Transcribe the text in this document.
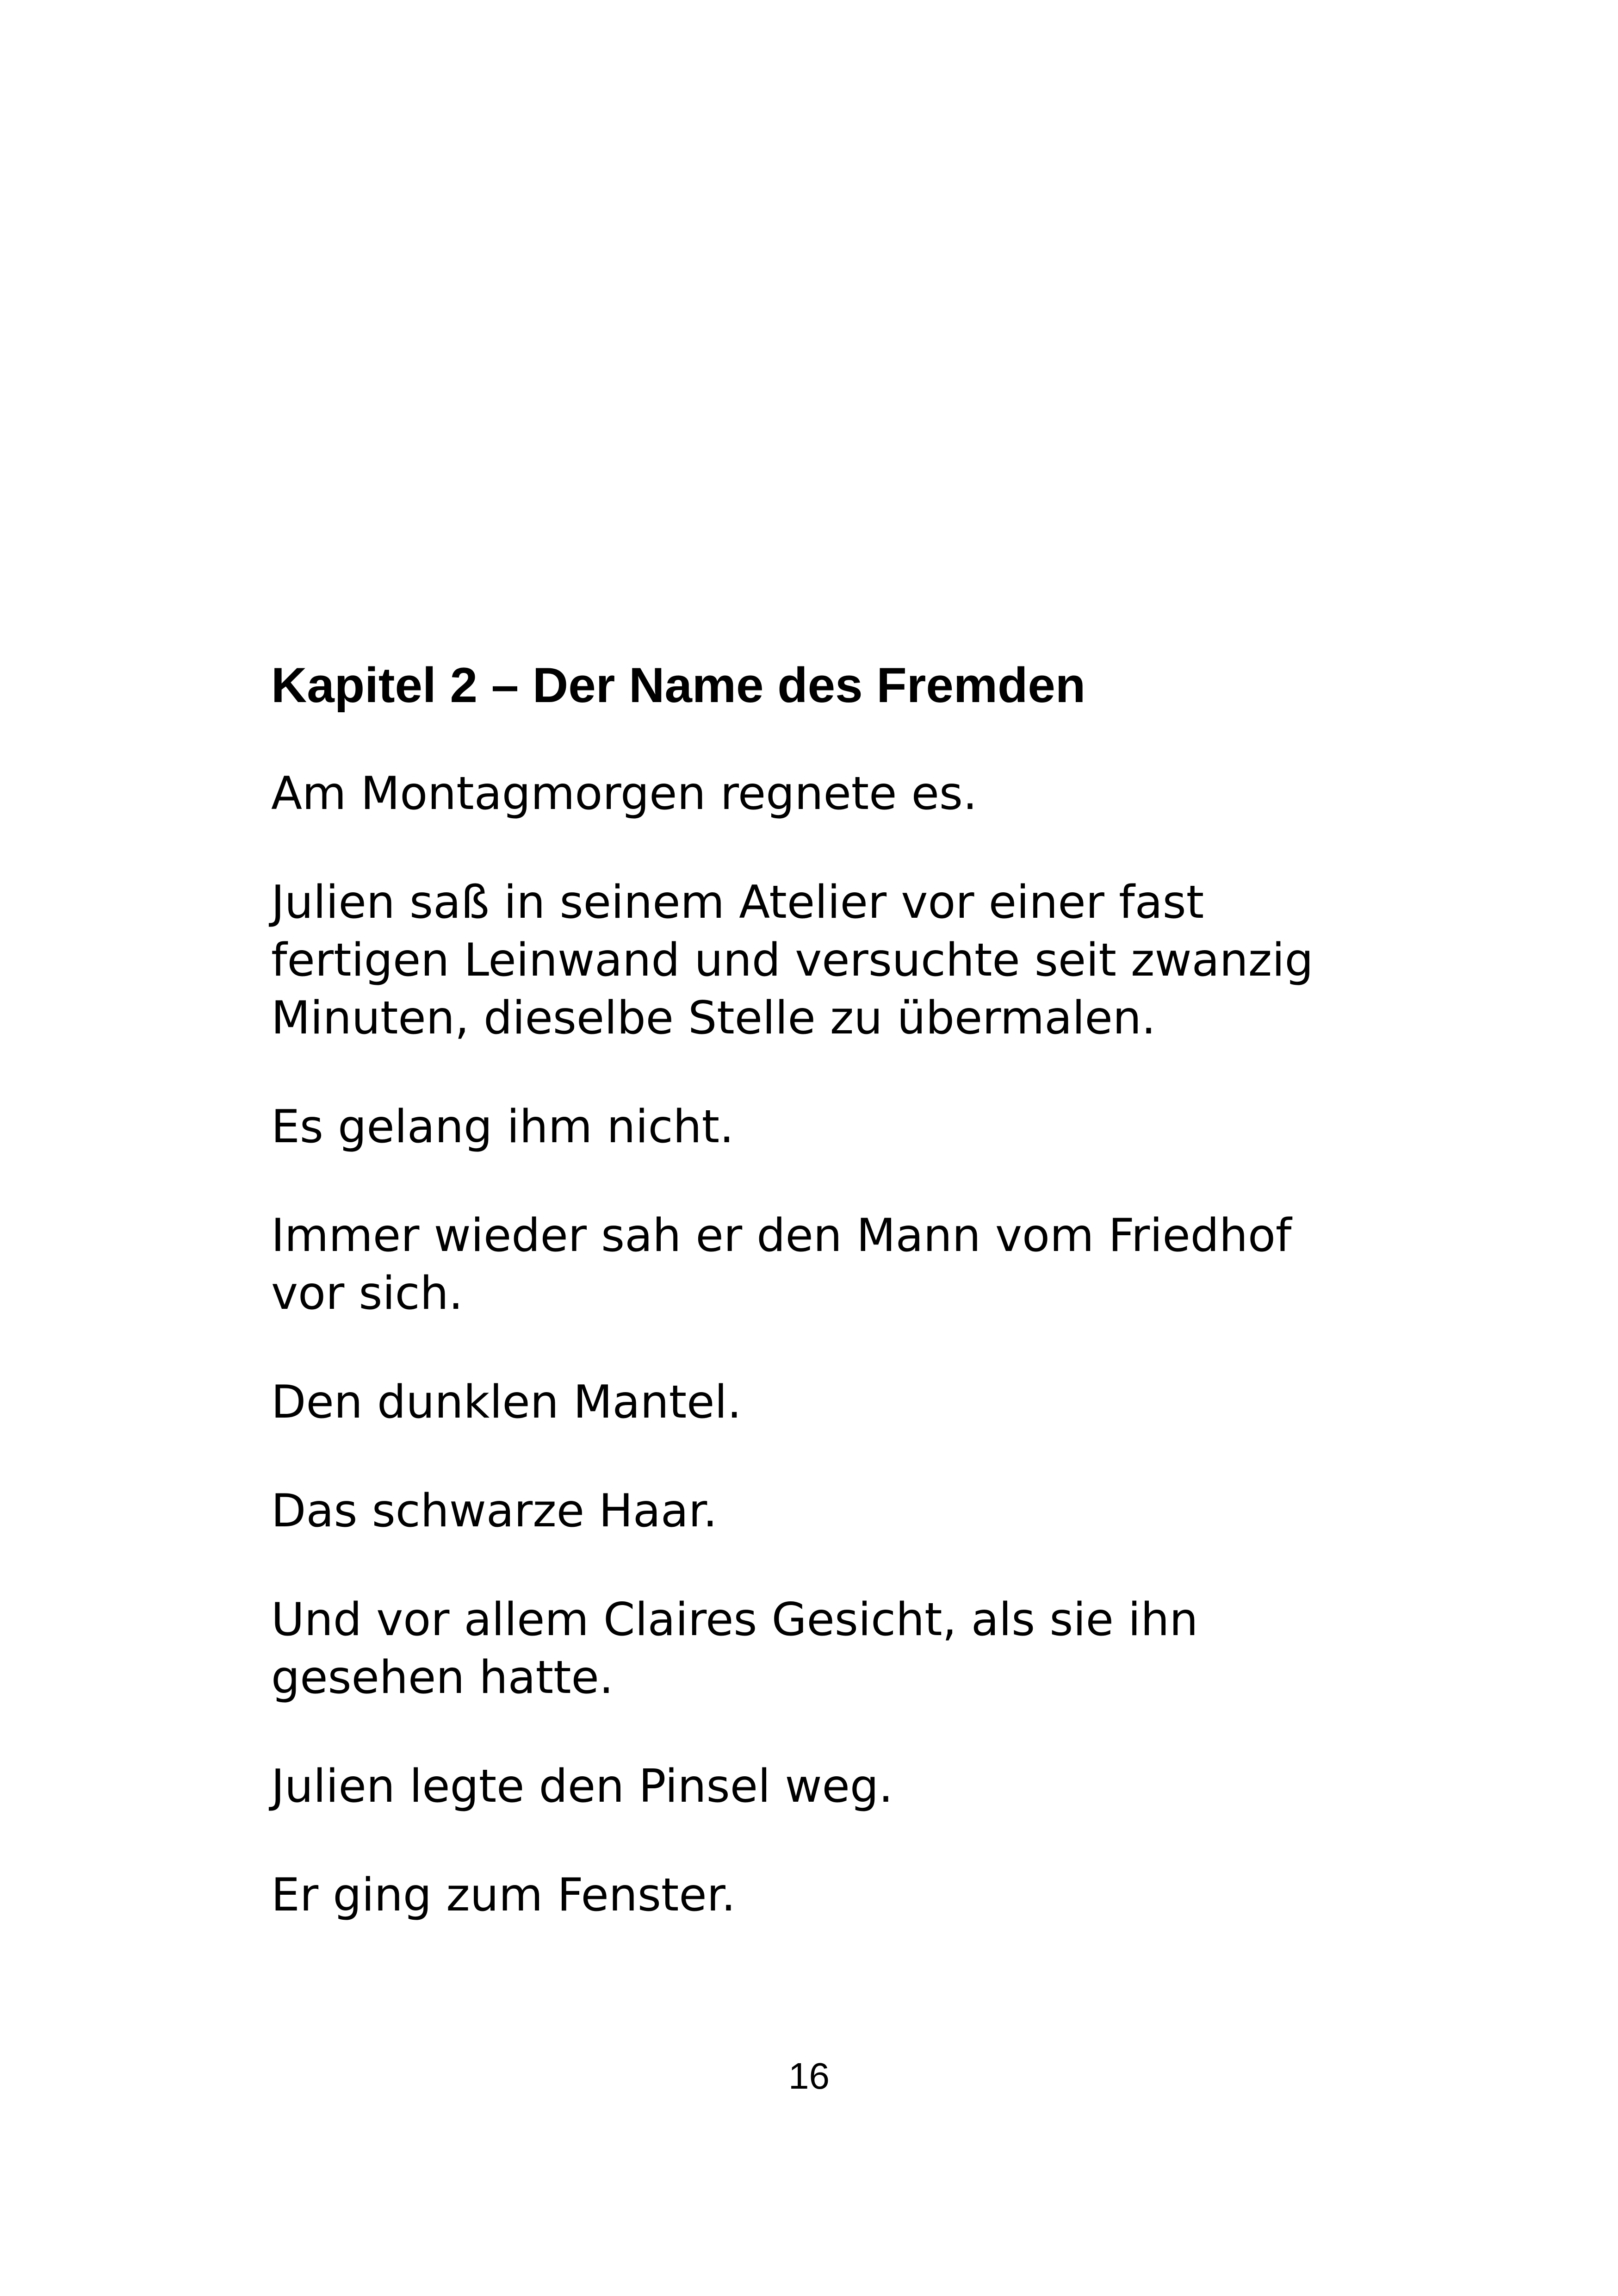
Kapitel 2 – Der Name des Fremden

Am Montagmorgen regnete es.

Julien saß in seinem Atelier vor einer fast fertigen Leinwand und versuchte seit zwanzig Minuten, dieselbe Stelle zu übermalen.

Es gelang ihm nicht.

Immer wieder sah er den Mann vom Friedhof vor sich.

Den dunklen Mantel.

Das schwarze Haar.

Und vor allem Claires Gesicht, als sie ihn gesehen hatte.

Julien legte den Pinsel weg.

Er ging zum Fenster.

16
